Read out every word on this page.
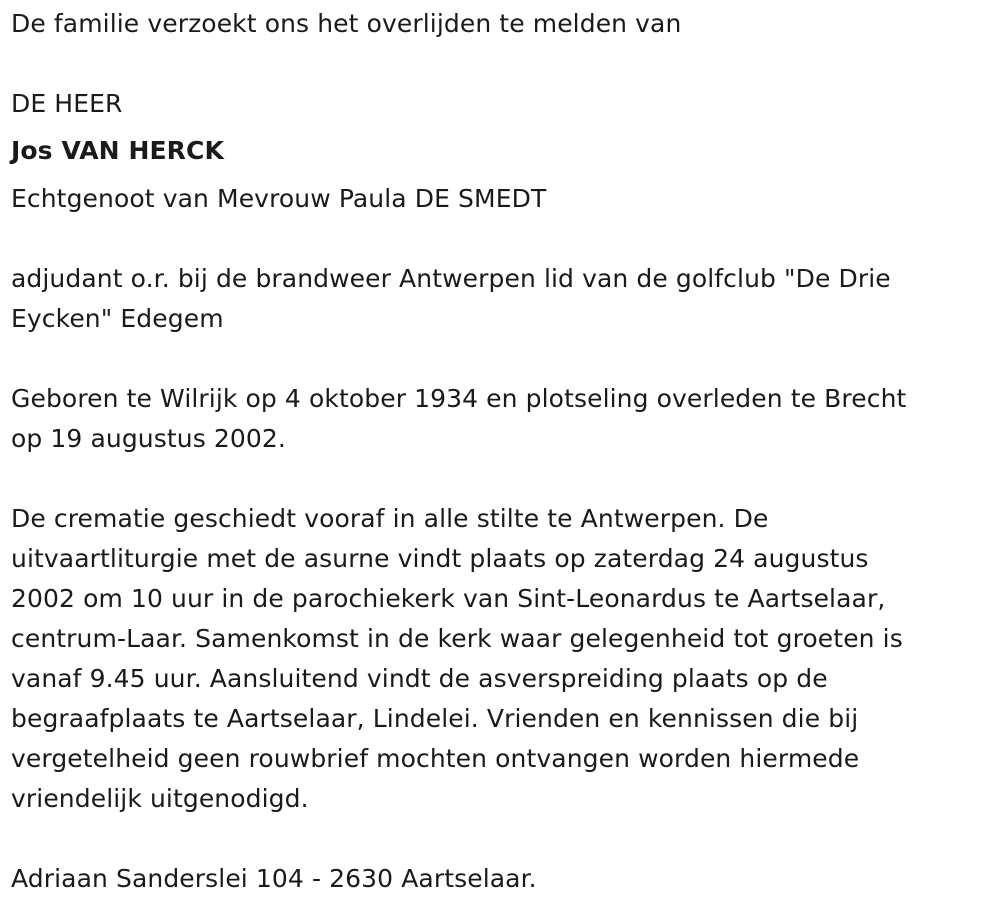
De familie verzoekt ons het overlijden te melden van

DE HEER

Jos VAN HERCK

Echtgenoot van Mevrouw Paula DE SMEDT

adjudant o.r. bij de brandweer Antwerpen lid van de golfclub "De Drie
Eycken" Edegem

Geboren te Wilrijk op 4 oktober 1934 en plotseling overleden te Brecht
op 19 augustus 2002.

De crematie geschiedt vooraf in alle stilte te Antwerpen. De
uitvaartliturgie met de asurne vindt plaats op zaterdag 24 augustus
2002 om 10 uur in de parochiekerk van Sint-Leonardus te Aartselaar,
centrum-Laar. Samenkomst in de kerk waar gelegenheid tot groeten is
vanaf 9.45 uur. Aansluitend vindt de asverspreiding plaats op de
begraafplaats te Aartselaar, Lindelei. Vrienden en kennissen die bij
vergetelheid geen rouwbrief mochten ontvangen worden hiermede
vriendelijk uitgenodigd.

Adriaan Sanderslei 104 - 2630 Aartselaar.
